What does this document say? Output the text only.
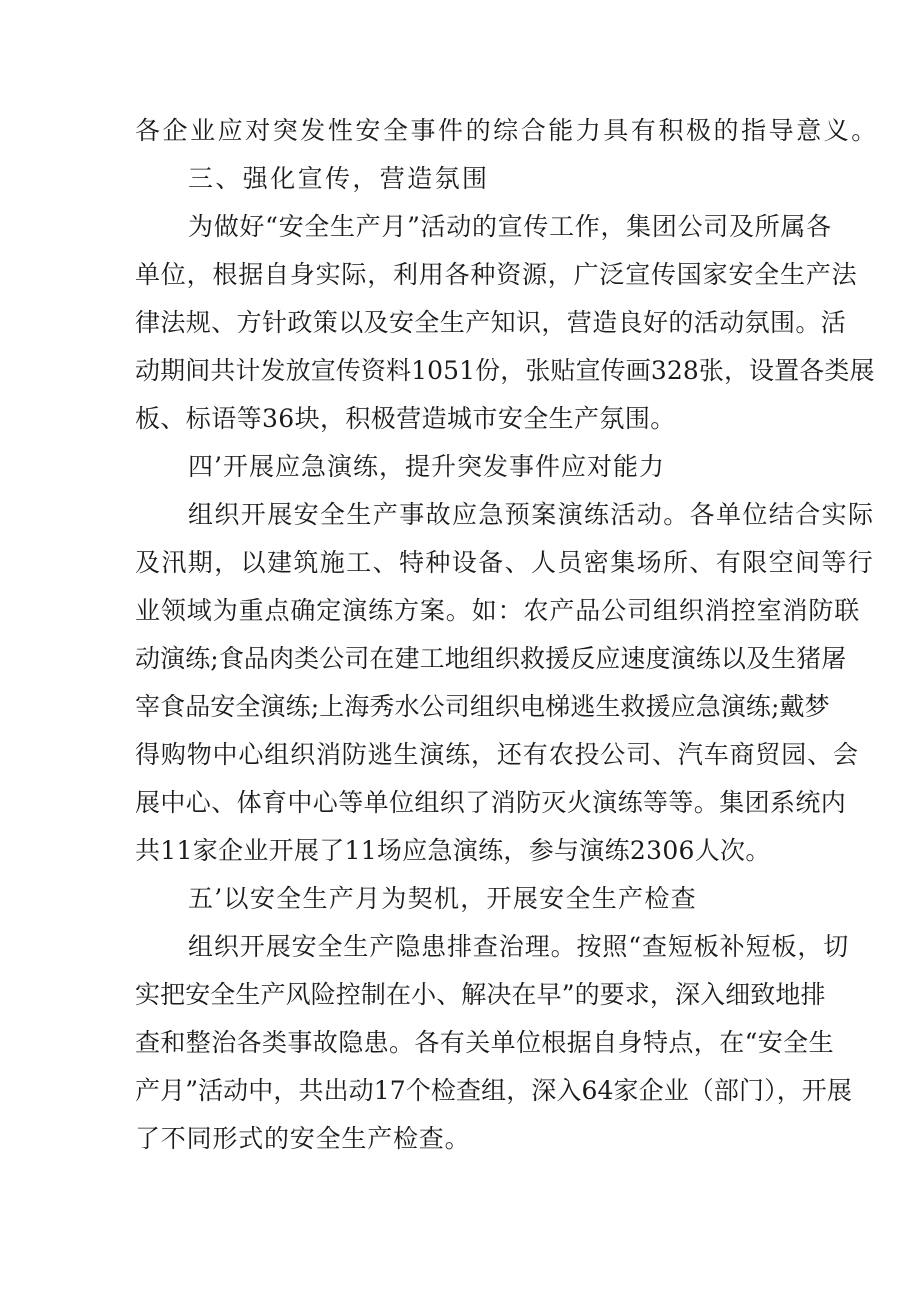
各企业应对突发性安全事件的综合能力具有积极的指导意义。
三、强化宣传，营造氛围
为做好“安全生产月”活动的宣传工作，集团公司及所属各
单位，根据自身实际，利用各种资源，广泛宣传国家安全生产法
律法规、方针政策以及安全生产知识，营造良好的活动氛围。活
动期间共计发放宣传资料1051份，张贴宣传画328张，设置各类展
板、标语等36块，积极营造城市安全生产氛围。
四’开展应急演练，提升突发事件应对能力
组织开展安全生产事故应急预案演练活动。各单位结合实际
及汛期，以建筑施工、特种设备、人员密集场所、有限空间等行
业领域为重点确定演练方案。如：农产品公司组织消控室消防联
动演练;食品肉类公司在建工地组织救援反应速度演练以及生猪屠
宰食品安全演练;上海秀水公司组织电梯逃生救援应急演练;戴梦
得购物中心组织消防逃生演练，还有农投公司、汽车商贸园、会
展中心、体育中心等单位组织了消防灭火演练等等。集团系统内
共11家企业开展了11场应急演练，参与演练2306人次。
五’以安全生产月为契机，开展安全生产检查
组织开展安全生产隐患排查治理。按照“查短板补短板，切
实把安全生产风险控制在小、解决在早”的要求，深入细致地排
查和整治各类事故隐患。各有关单位根据自身特点，在“安全生
产月”活动中，共出动17个检查组，深入64家企业（部门），开展
了不同形式的安全生产检查。
